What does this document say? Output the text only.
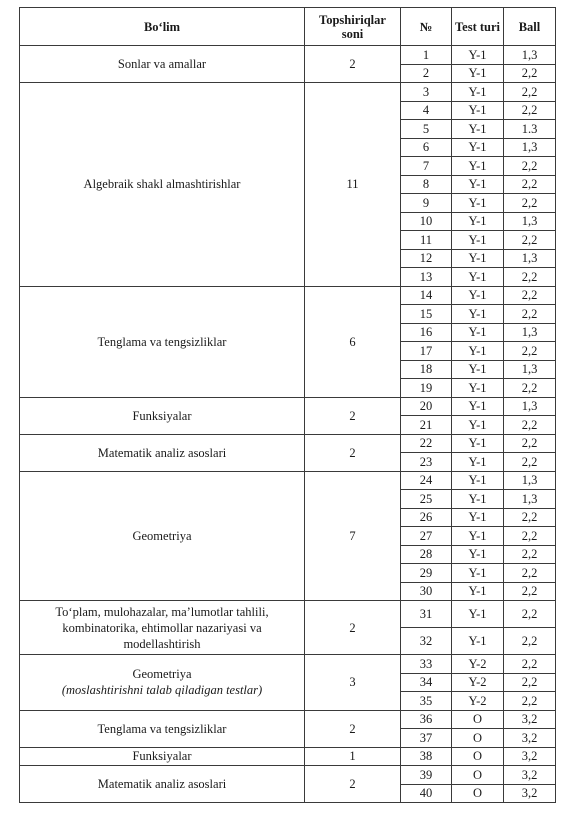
Bo‘lim	Topshiriqlar soni	№	Test turi	Ball

Sonlar va amallar	2	1	Y-1	1,3
		2	Y-1	2,2

Algebraik shakl almashtirishlar	11	3	Y-1	2,2
		4	Y-1	2,2
		5	Y-1	1.3
		6	Y-1	1,3
		7	Y-1	2,2
		8	Y-1	2,2
		9	Y-1	2,2
		10	Y-1	1,3
		11	Y-1	2,2
		12	Y-1	1,3
		13	Y-1	2,2

Tenglama va tengsizliklar	6	14	Y-1	2,2
		15	Y-1	2,2
		16	Y-1	1,3
		17	Y-1	2,2
		18	Y-1	1,3
		19	Y-1	2,2

Funksiyalar	2	20	Y-1	1,3
		21	Y-1	2,2

Matematik analiz asoslari	2	22	Y-1	2,2
		23	Y-1	2,2

Geometriya	7	24	Y-1	1,3
		25	Y-1	1,3
		26	Y-1	2,2
		27	Y-1	2,2
		28	Y-1	2,2
		29	Y-1	2,2
		30	Y-1	2,2

To‘plam, mulohazalar, ma’lumotlar tahlili, kombinatorika, ehtimollar nazariyasi va modellashtirish	2	31	Y-1	2,2
		32	Y-1	2,2

Geometriya
(moslashtirishni talab qiladigan testlar)	3	33	Y-2	2,2
		34	Y-2	2,2
		35	Y-2	2,2

Tenglama va tengsizliklar	2	36	O	3,2
		37	O	3,2

Funksiyalar	1	38	O	3,2

Matematik analiz asoslari	2	39	O	3,2
		40	O	3,2
